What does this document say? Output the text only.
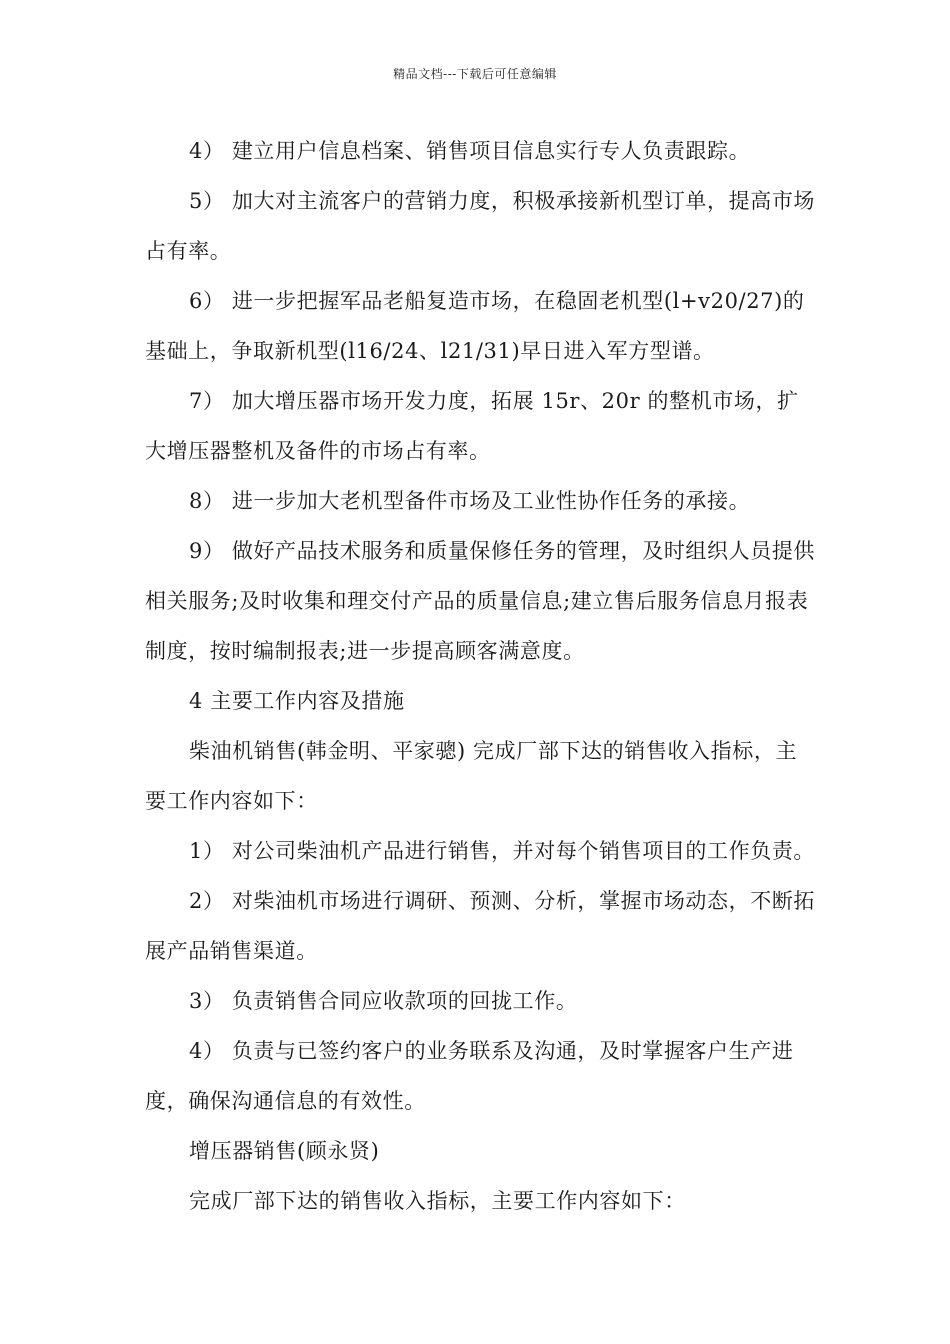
精品文档---下载后可任意编辑

4） 建立用户信息档案、销售项目信息实行专人负责跟踪。

5） 加大对主流客户的营销力度，积极承接新机型订单，提高市场占有率。

6） 进一步把握军品老船复造市场，在稳固老机型(l+v20/27)的基础上，争取新机型(l16/24、l21/31)早日进入军方型谱。

7） 加大增压器市场开发力度，拓展 15r、20r 的整机市场，扩大增压器整机及备件的市场占有率。

8） 进一步加大老机型备件市场及工业性协作任务的承接。

9） 做好产品技术服务和质量保修任务的管理，及时组织人员提供相关服务;及时收集和理交付产品的质量信息;建立售后服务信息月报表制度，按时编制报表;进一步提高顾客满意度。

4 主要工作内容及措施

柴油机销售(韩金明、平家骢) 完成厂部下达的销售收入指标，主要工作内容如下：

1） 对公司柴油机产品进行销售，并对每个销售项目的工作负责。

2） 对柴油机市场进行调研、预测、分析，掌握市场动态，不断拓展产品销售渠道。

3） 负责销售合同应收款项的回拢工作。

4） 负责与已签约客户的业务联系及沟通，及时掌握客户生产进度，确保沟通信息的有效性。

增压器销售(顾永贤)

完成厂部下达的销售收入指标，主要工作内容如下：
